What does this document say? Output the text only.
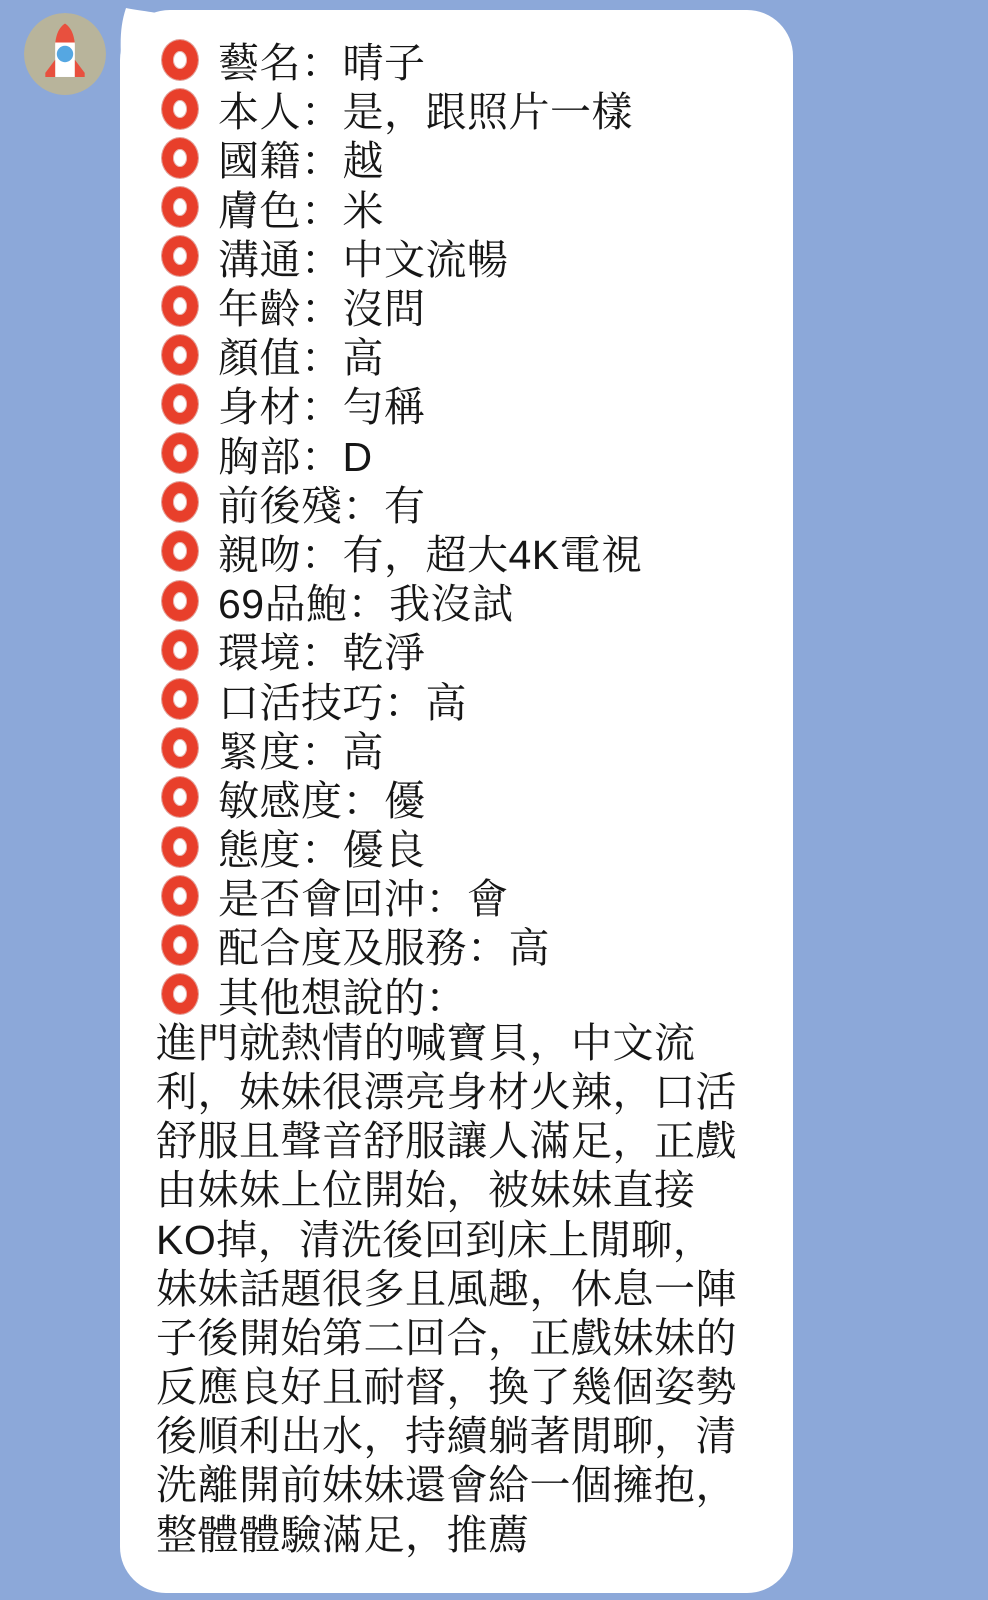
藝名：晴子
本人：是，跟照片一樣
國籍：越
膚色：米
溝通：中文流暢
年齡：沒問
顏值：高
身材：勻稱
胸部：D
前後殘：有
親吻：有，超大4K電視
69品鮑：我沒試
環境：乾淨
口活技巧：高
緊度：高
敏感度：優
態度：優良
是否會回沖：會
配合度及服務：高
其他想說的：
進門就熱情的喊寶貝，中文流
利，妹妹很漂亮身材火辣，口活
舒服且聲音舒服讓人滿足，正戲
由妹妹上位開始，被妹妹直接
KO掉，清洗後回到床上閒聊，
妹妹話題很多且風趣，休息一陣
子後開始第二回合，正戲妹妹的
反應良好且耐督，換了幾個姿勢
後順利出水，持續躺著閒聊，清
洗離開前妹妹還會給一個擁抱，
整體體驗滿足，推薦
